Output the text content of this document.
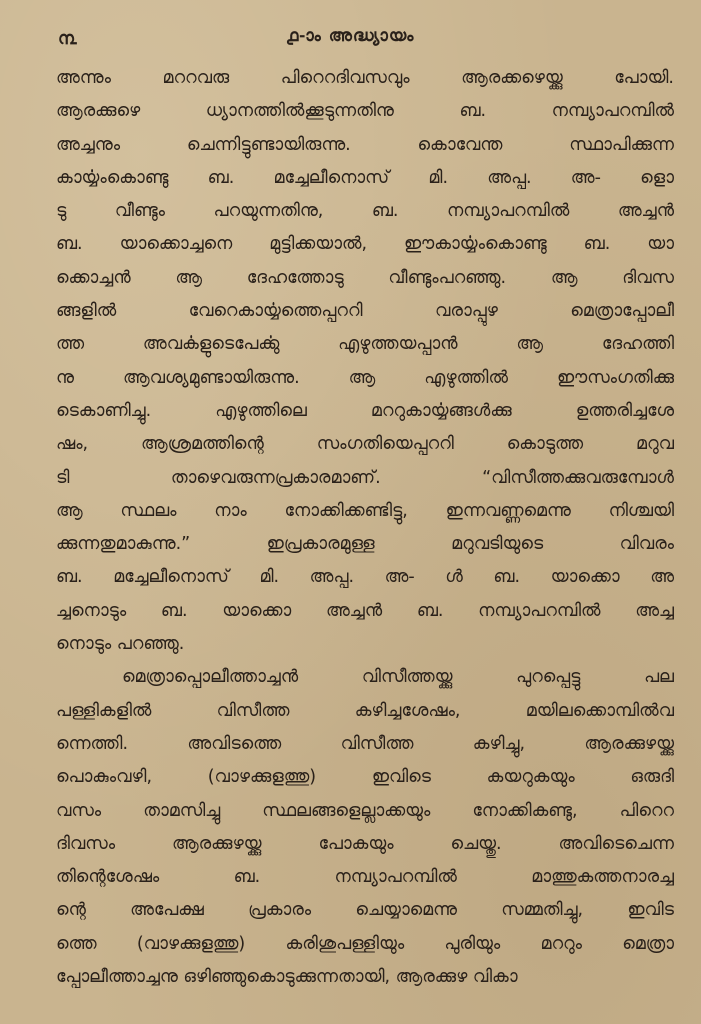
൩	൧-ാം അദ്ധ്യായം
അന്നും മററവരു പിറെറദിവസവും ആരക്കഴെയ്ക്കു പോയി.
ആരക്കുഴെ ധ്യാനത്തിൽക്കൂടുന്നതിനു ബ. നമ്പ്യാപറമ്പിൽ
അച്ചനും ചെന്നിട്ടുണ്ടായിരുന്നു. കൊവേന്ത സ്ഥാപിക്കുന്ന
കാൎയ്യംകൊണ്ടു ബ. മച്ചേലീനൊസ് മി. അപ്പ. അ- ളൊ
ടു വീണ്ടും പറയുന്നതിനു, ബ. നമ്പ്യാപറമ്പിൽ അച്ചൻ
ബ. യാക്കൊച്ചനെ മുട്ടിക്കയാൽ, ഈകാൎയ്യംകൊണ്ടു ബ. യാ
ക്കൊച്ചൻ ആ ദേഹത്തോടു വീണ്ടുംപറഞ്ഞു. ആ ദിവസ
ങ്ങളിൽ വേറെകാൎയ്യത്തെപ്പററി വരാപ്പുഴ മെത്രാപ്പോലീ
ത്ത അവൎകളുടെപേൎക്കു എഴുത്തയപ്പാൻ ആ ദേഹത്തി
നു ആവശ്യമുണ്ടായിരുന്നു. ആ എഴുത്തിൽ ഈസംഗതിക്കു
ടെകാണിച്ചു. എഴുത്തിലെ മററുകാൎയ്യങ്ങൾക്കു ഉത്തരിച്ചശേ
ഷം, ആശ്രമത്തിന്റെ സംഗതിയെപ്പററി കൊടുത്ത മറുവ
ടി താഴെവരുന്നപ്രകാരമാണ്. “വിസീത്തക്കുവരുമ്പോൾ
ആ സ്ഥലം നാം നോക്കിക്കണ്ടിട്ടു, ഇന്നവണ്ണമെന്നു നിശ്ചയി
ക്കുന്നതുമാകുന്നു.” ഇപ്രകാരമുള്ള മറുവടിയുടെ വിവരം
ബ. മച്ചേലീനൊസ് മി. അപ്പ. അ- ൾ ബ. യാക്കൊ അ
ച്ചനൊടും ബ. യാക്കൊ അച്ചൻ ബ. നമ്പ്യാപറമ്പിൽ അച്ച
നൊടും പറഞ്ഞു.
മെത്രാപ്പൊലീത്താച്ചൻ വിസീത്തയ്ക്കു പുറപ്പെട്ടു പല
പള്ളികളിൽ വിസീത്ത കഴിച്ചശേഷം, മയിലക്കൊമ്പിൽവ
ന്നെത്തി. അവിടത്തെ വിസീത്ത കഴിച്ചു, ആരക്കുഴയ്ക്കു
പൊകുംവഴി, (വാഴക്കുളത്തു) ഇവിടെ കയറുകയും ഒരുദി
വസം താമസിച്ചു സ്ഥലങ്ങളെല്ലാക്കയും നോക്കികണ്ടു, പിറെറ
ദിവസം ആരക്കുഴയ്ക്കു പോകയും ചെയ്തു. അവിടെചെന്ന
തിന്റെശേഷം ബ. നമ്പ്യാപറമ്പിൽ മാത്തുകത്തനാരച്ച
ന്റെ അപേക്ഷ പ്രകാരം ചെയ്യാമെന്നു സമ്മതിച്ചു, ഇവിട
ത്തെ (വാഴക്കുളത്തു) കരിശുപള്ളിയും പുരിയും മററും മെത്രാ
പ്പോലീത്താച്ചനു ഒഴിഞ്ഞുകൊടുക്കുന്നതായി, ആരക്കുഴ വികാ
